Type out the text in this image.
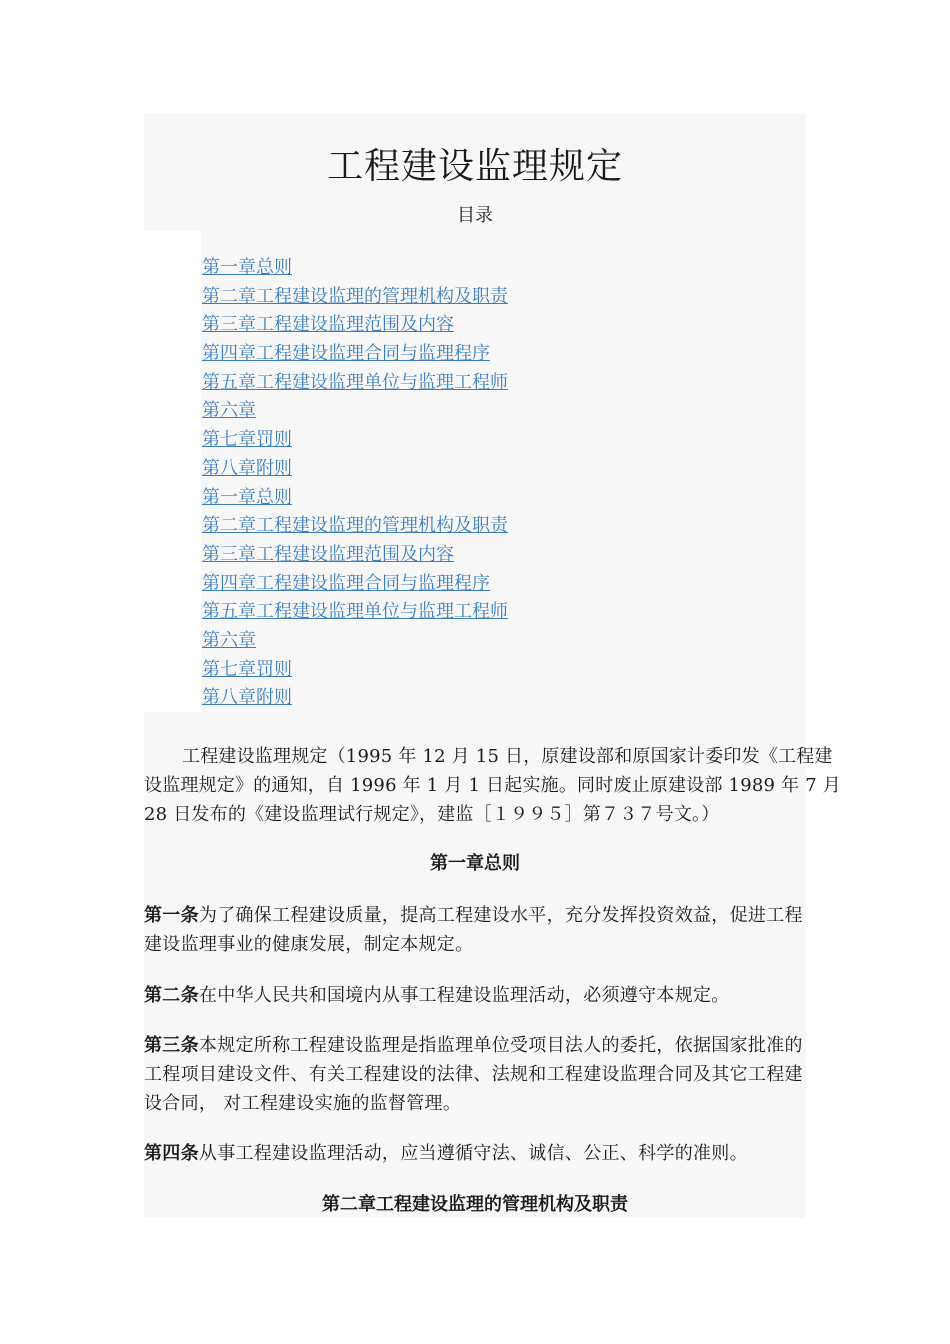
工程建设监理规定
目录
第一章总则
第二章工程建设监理的管理机构及职责
第三章工程建设监理范围及内容
第四章工程建设监理合同与监理程序
第五章工程建设监理单位与监理工程师
第六章
第七章罚则
第八章附则
第一章总则
第二章工程建设监理的管理机构及职责
第三章工程建设监理范围及内容
第四章工程建设监理合同与监理程序
第五章工程建设监理单位与监理工程师
第六章
第七章罚则
第八章附则

工程建设监理规定（1995 年 12 月 15 日，原建设部和原国家计委印发《工程建设监理规定》的通知，自 1996 年 1 月 1 日起实施。同时废止原建设部 1989 年 7 月 28 日发布的《建设监理试行规定》，建监［１９９５］第７３７号文。）

第一章总则

第一条为了确保工程建设质量，提高工程建设水平，充分发挥投资效益，促进工程建设监理事业的健康发展，制定本规定。

第二条在中华人民共和国境内从事工程建设监理活动，必须遵守本规定。

第三条本规定所称工程建设监理是指监理单位受项目法人的委托，依据国家批准的工程项目建设文件、有关工程建设的法律、法规和工程建设监理合同及其它工程建设合同， 对工程建设实施的监督管理。

第四条从事工程建设监理活动，应当遵循守法、诚信、公正、科学的准则。

第二章工程建设监理的管理机构及职责
